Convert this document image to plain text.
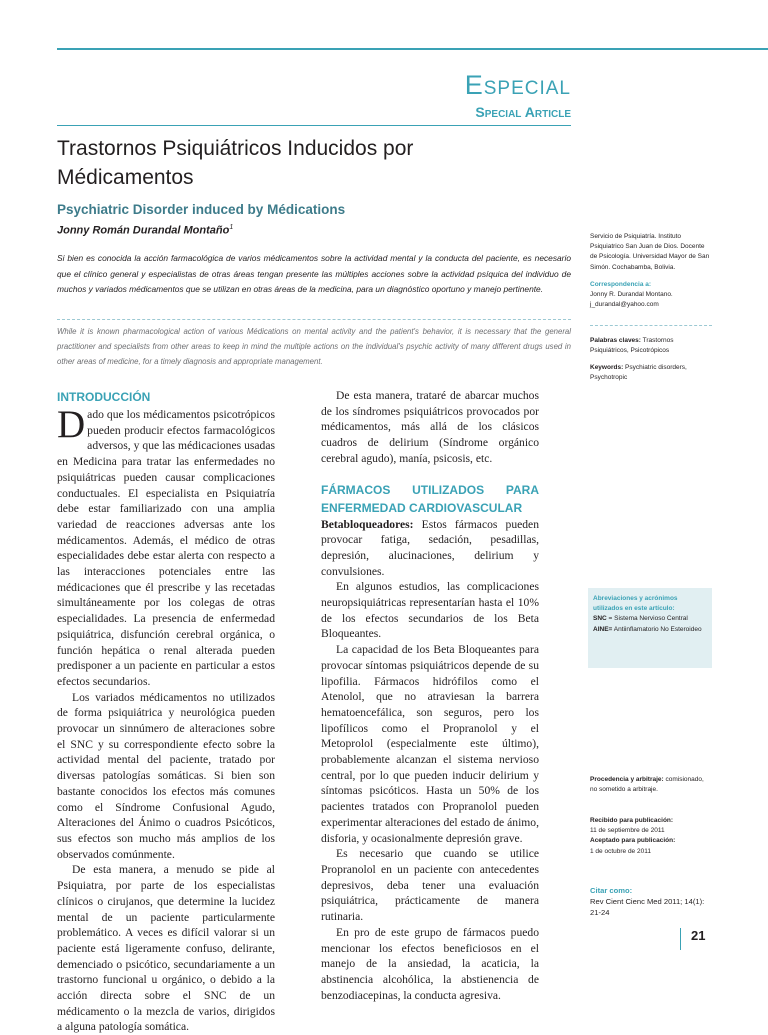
Especial
Special Article
Trastornos Psiquiátricos Inducidos por Médicamentos
Psychiatric Disorder induced by Médications
Jonny Román Durandal Montaño$^1$

Si bien es conocida la acción farmacológica de varios médicamentos sobre la actividad mental y la conducta del paciente, es necesario que el clínico general y especialistas de otras áreas tengan presente las múltiples acciones sobre la actividad psíquica del individuo de muchos y variados médicamentos que se utilizan en otras áreas de la medicina, para un diagnóstico oportuno y manejo pertinente.

While it is known pharmacological action of various Médications on mental activity and the patient's behavior, it is necessary that the general practitioner and specialists from other areas to keep in mind the multiple actions on the individual's psychic activity of many different drugs used in other areas of medicine, for a timely diagnosis and appropriate management.

Servicio de Psiquiatría. Instituto Psiquiatrico San Juan de Dios. Docente de Psicología. Universidad Mayor de San Simón. Cochabamba, Bolivia.
Correspondencia a:
Jonny R. Durandal Montano.
j_durandal@yahoo.com
Palabras claves: Trastornos Psiquiátricos, Psicotrópicos
Keywords: Psychiatric disorders, Psychotropic
Abreviaciones y acrónimos utilizados en este artículo:
SNC = Sistema Nervioso Central
AINE= Antiinflamatorio No Esteroideo
Procedencia y arbitraje: comisionado, no sometido a arbitraje.
Recibido para publicación:
11 de septiembre de 2011
Aceptado para publicación:
1 de octubre de 2011
Citar como:
Rev Cient Cienc Med 2011; 14(1): 21-24
INTRODUCCIÓN

Dado que los médicamentos psicotrópicos pueden producir efectos farmacológicos adversos, y que las médicaciones usadas en Medicina para tratar las enfermedades no psiquiátricas pueden causar complicaciones conductuales. El especialista en Psiquiatría debe estar familiarizado con una amplia variedad de reacciones adversas ante los médicamentos. Además, el médico de otras especialidades debe estar alerta con respecto a las interacciones potenciales entre las médicaciones que él prescribe y las recetadas simultáneamente por los colegas de otras especialidades. La presencia de enfermedad psiquiátrica, disfunción cerebral orgánica, o función hepática o renal alterada pueden predisponer a un paciente en particular a estos efectos secundarios.

Los variados médicamentos no utilizados de forma psiquiátrica y neurológica pueden provocar un sinnúmero de alteraciones sobre el SNC y su correspondiente efecto sobre la actividad mental del paciente, tratado por diversas patologías somáticas. Si bien son bastante conocidos los efectos más comunes como el Síndrome Confusional Agudo, Alteraciones del Ánimo o cuadros Psicóticos, sus efectos son mucho más amplios de los observados comúnmente.

De esta manera, a menudo se pide al Psiquiatra, por parte de los especialistas clínicos o cirujanos, que determine la lucidez mental de un paciente particularmente problemático. A veces es difícil valorar si un paciente está ligeramente confuso, delirante, demenciado o psicótico, secundariamente a un trastorno funcional u orgánico, o debido a la acción directa sobre el SNC de un médicamento o la mezcla de varios, dirigidos a alguna patología somática.

De esta manera, trataré de abarcar muchos de los síndromes psiquiátricos provocados por médicamentos, más allá de los clásicos cuadros de delirium (Síndrome orgánico cerebral agudo), manía, psicosis, etc.

FÁRMACOS UTILIZADOS PARA ENFERMEDAD CARDIOVASCULAR

Betabloqueadores: Estos fármacos pueden provocar fatiga, sedación, pesadillas, depresión, alucinaciones, delirium y convulsiones.

En algunos estudios, las complicaciones neuropsiquiátricas representarían hasta el 10% de los efectos secundarios de los Beta Bloqueantes.

La capacidad de los Beta Bloqueantes para provocar síntomas psiquiátricos depende de su lipofilia. Fármacos hidrófilos como el Atenolol, que no atraviesan la barrera hematoencefálica, son seguros, pero los lipofílicos como el Propranolol y el Metoprolol (especialmente este último), probablemente alcanzan el sistema nervioso central, por lo que pueden inducir delirium y síntomas psicóticos. Hasta un 50% de los pacientes tratados con Propranolol pueden experimentar alteraciones del estado de ánimo, disforia, y ocasionalmente depresión grave.

Es necesario que cuando se utilice Propranolol en un paciente con antecedentes depresivos, deba tener una evaluación psiquiátrica, prácticamente de manera rutinaria.

En pro de este grupo de fármacos puedo mencionar los efectos beneficiosos en el manejo de la ansiedad, la acaticia, la abstinencia alcohólica, la abstienencia de benzodiacepinas, la conducta agresiva.

21
